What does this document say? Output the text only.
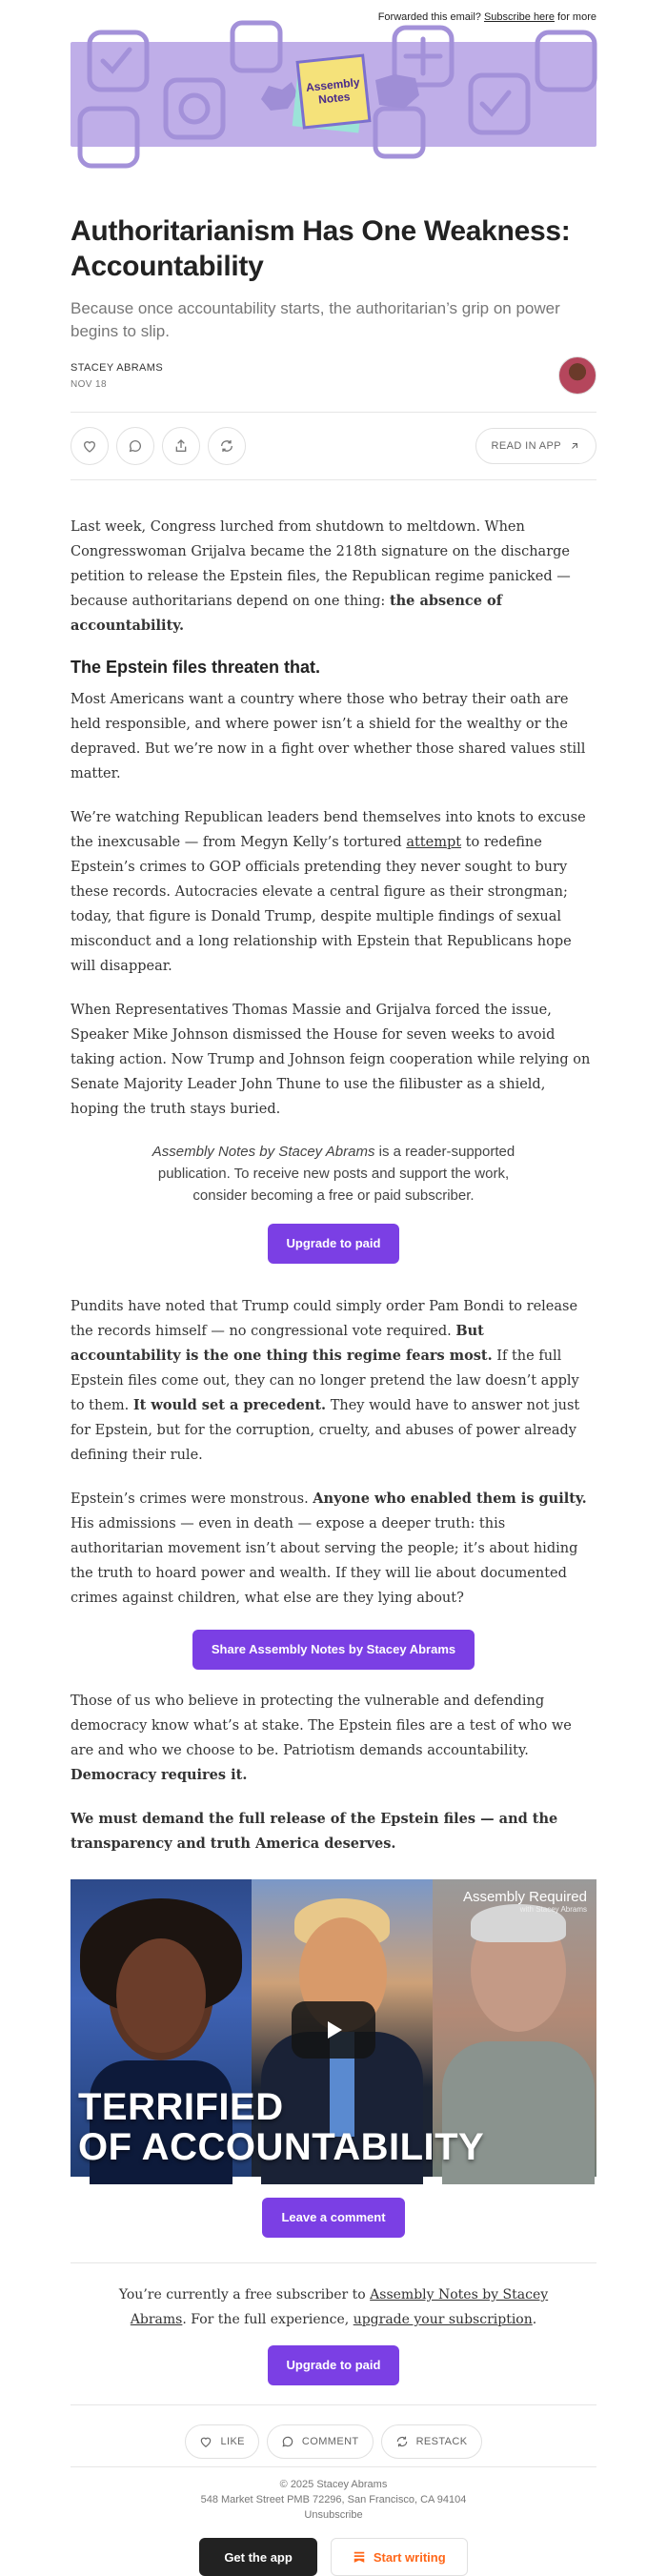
Forwarded this email? Subscribe here for more
Assembly
Notes
Authoritarianism Has One Weakness: Accountability
Because once accountability starts, the authoritarian’s grip on power begins to slip.
STACEY ABRAMS
NOV 18
READ IN APP

Last week, Congress lurched from shutdown to meltdown. When Congresswoman Grijalva became the 218th signature on the discharge petition to release the Epstein files, the Republican regime panicked — because authoritarians depend on one thing: the absence of accountability.

The Epstein files threaten that.

Most Americans want a country where those who betray their oath are held responsible, and where power isn’t a shield for the wealthy or the depraved. But we’re now in a fight over whether those shared values still matter.

We’re watching Republican leaders bend themselves into knots to excuse the inexcusable — from Megyn Kelly’s tortured attempt to redefine Epstein’s crimes to GOP officials pretending they never sought to bury these records. Autocracies elevate a central figure as their strongman; today, that figure is Donald Trump, despite multiple findings of sexual misconduct and a long relationship with Epstein that Republicans hope will disappear.

When Representatives Thomas Massie and Grijalva forced the issue, Speaker Mike Johnson dismissed the House for seven weeks to avoid taking action. Now Trump and Johnson feign cooperation while relying on Senate Majority Leader John Thune to use the filibuster as a shield, hoping the truth stays buried.

Assembly Notes by Stacey Abrams is a reader-supported publication. To receive new posts and support the work, consider becoming a free or paid subscriber.
Upgrade to paid

Pundits have noted that Trump could simply order Pam Bondi to release the records himself — no congressional vote required. But accountability is the one thing this regime fears most. If the full Epstein files come out, they can no longer pretend the law doesn’t apply to them. It would set a precedent. They would have to answer not just for Epstein, but for the corruption, cruelty, and abuses of power already defining their rule.

Epstein’s crimes were monstrous. Anyone who enabled them is guilty. His admissions — even in death — expose a deeper truth: this authoritarian movement isn’t about serving the people; it’s about hiding the truth to hoard power and wealth. If they will lie about documented crimes against children, what else are they lying about?

Share Assembly Notes by Stacey Abrams

Those of us who believe in protecting the vulnerable and defending democracy know what’s at stake. The Epstein files are a test of who we are and who we choose to be. Patriotism demands accountability. Democracy requires it.

We must demand the full release of the Epstein files — and the transparency and truth America deserves.

Assembly Required
with Stacey Abrams
TERRIFIED
OF ACCOUNTABILITY
Leave a comment
You’re currently a free subscriber to Assembly Notes by Stacey Abrams. For the full experience, upgrade your subscription.
Upgrade to paid
LIKE	COMMENT	RESTACK
© 2025 Stacey Abrams
548 Market Street PMB 72296, San Francisco, CA 94104
Unsubscribe
Get the app	Start writing
